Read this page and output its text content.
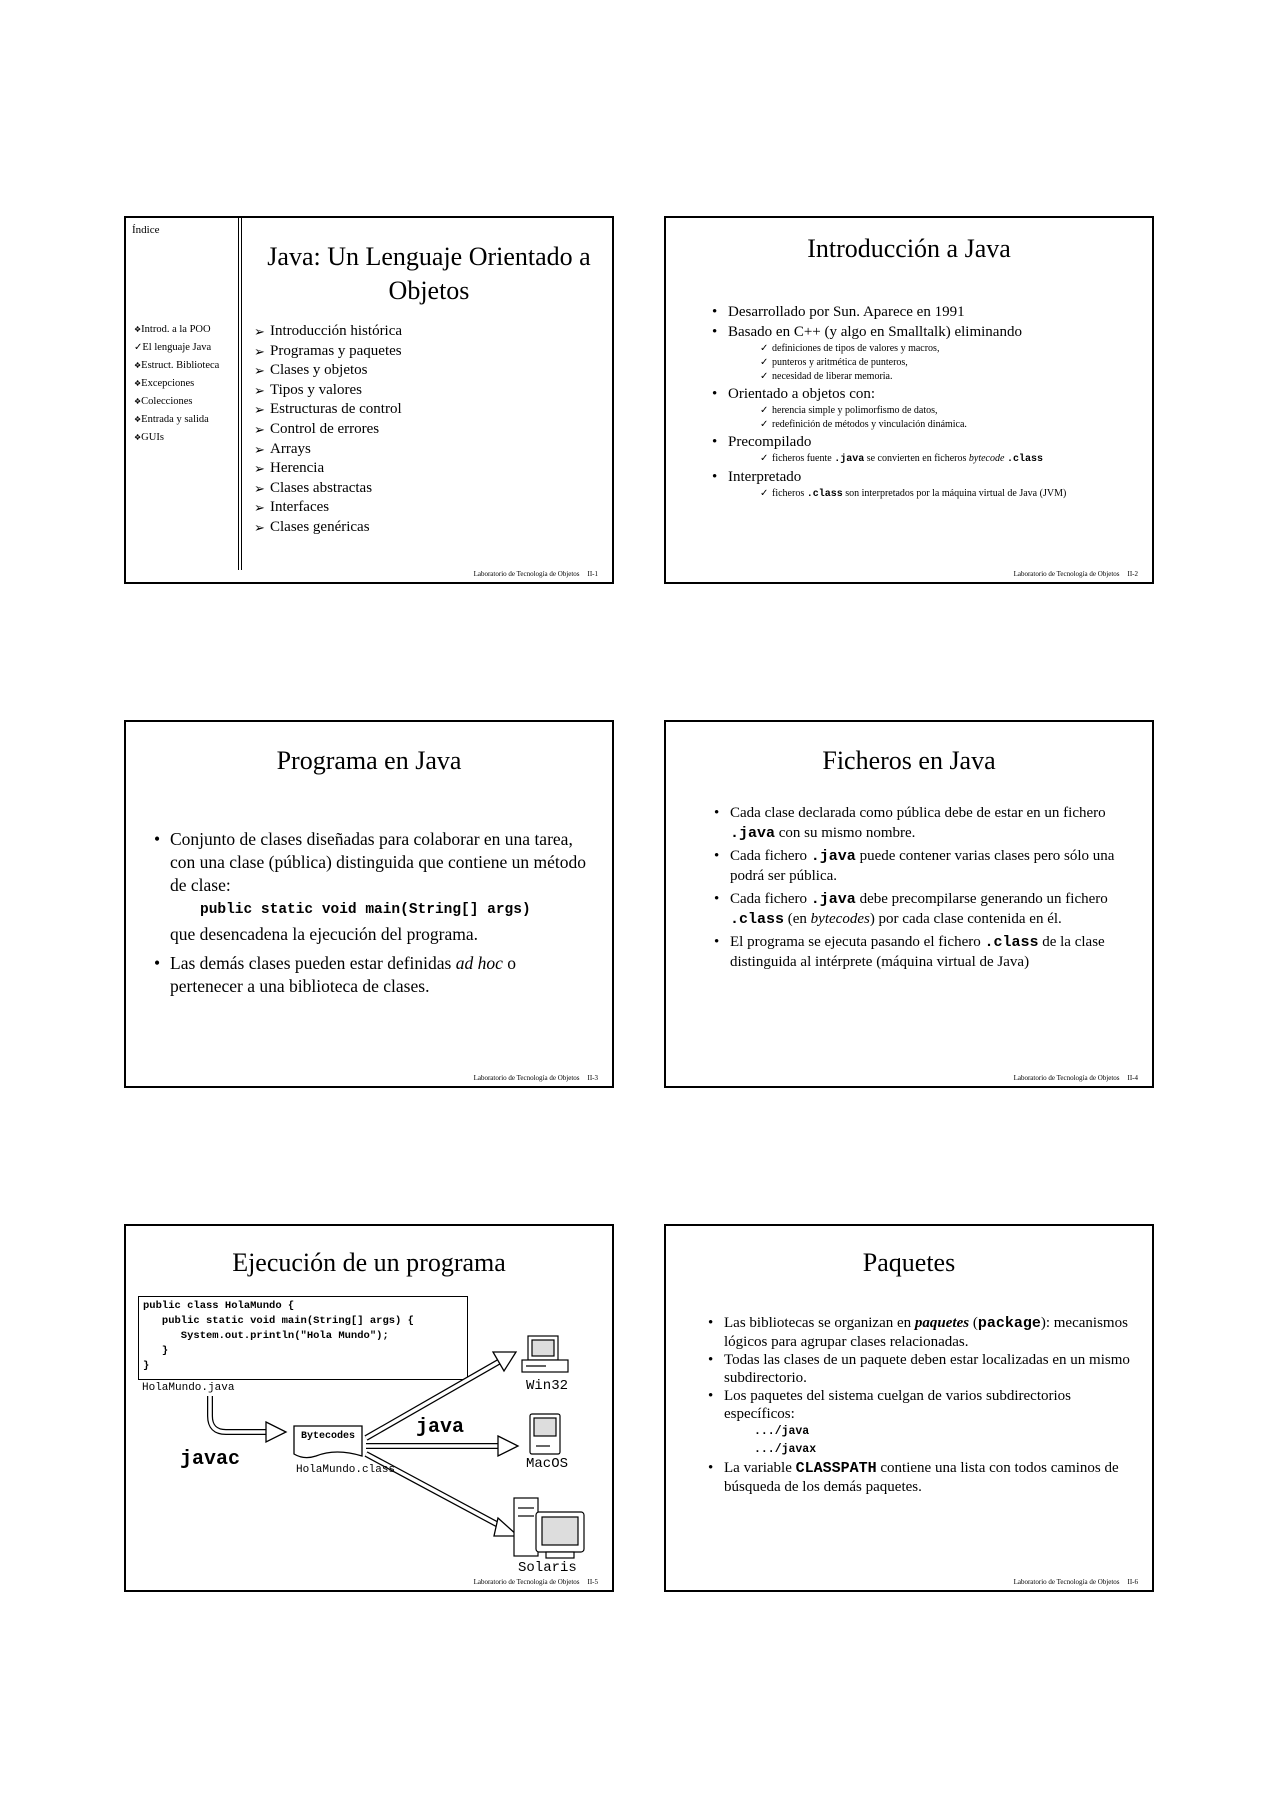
Índice
❖Introd. a la POO
✓El lenguaje Java
❖Estruct. Biblioteca
❖Excepciones
❖Colecciones
❖Entrada y salida
❖GUIs
Java: Un Lenguaje Orientado a
Objetos
➢ Introducción histórica
➢ Programas y paquetes
➢ Clases y objetos
➢ Tipos y valores
➢ Estructuras de control
➢ Control de errores
➢ Arrays
➢ Herencia
➢ Clases abstractas
➢ Interfaces
➢ Clases genéricas
Laboratorio de Tecnología de Objetos II-1
Introducción a Java
• Desarrollado por Sun. Aparece en 1991
• Basado en C++ (y algo en Smalltalk) eliminando
✓ definiciones de tipos de valores y macros,
✓ punteros y aritmética de punteros,
✓ necesidad de liberar memoria.
• Orientado a objetos con:
✓ herencia simple y polimorfismo de datos,
✓ redefinición de métodos y vinculación dinámica.
• Precompilado
✓ ficheros fuente .java se convierten en ficheros bytecode .class
• Interpretado
✓ ficheros .class son interpretados por la máquina virtual de Java (JVM)
Laboratorio de Tecnología de Objetos II-2
Programa en Java
• Conjunto de clases diseñadas para colaborar en una tarea, con una clase (pública) distinguida que contiene un método de clase:
public static void main(String[] args)
que desencadena la ejecución del programa.
• Las demás clases pueden estar definidas ad hoc o pertenecer a una biblioteca de clases.
Laboratorio de Tecnología de Objetos II-3
Ficheros en Java
• Cada clase declarada como pública debe de estar en un fichero .java con su mismo nombre.
• Cada fichero .java puede contener varias clases pero sólo una podrá ser pública.
• Cada fichero .java debe precompilarse generando un fichero .class (en bytecodes) por cada clase contenida en él.
• El programa se ejecuta pasando el fichero .class de la clase distinguida al intérprete (máquina virtual de Java)
Laboratorio de Tecnología de Objetos II-4
Ejecución de un programa
public class HolaMundo {
public static void main(String[] args) {
System.out.println("Hola Mundo");
}
}
HolaMundo.java
javac
Bytecodes
HolaMundo.class
java
Win32
MacOS
Solaris
Laboratorio de Tecnología de Objetos II-5
Paquetes
• Las bibliotecas se organizan en paquetes (package): mecanismos lógicos para agrupar clases relacionadas.
• Todas las clases de un paquete deben estar localizadas en un mismo subdirectorio.
• Los paquetes del sistema cuelgan de varios subdirectorios específicos:
.../java
.../javax
• La variable CLASSPATH contiene una lista con todos caminos de búsqueda de los demás paquetes.
Laboratorio de Tecnología de Objetos II-6
